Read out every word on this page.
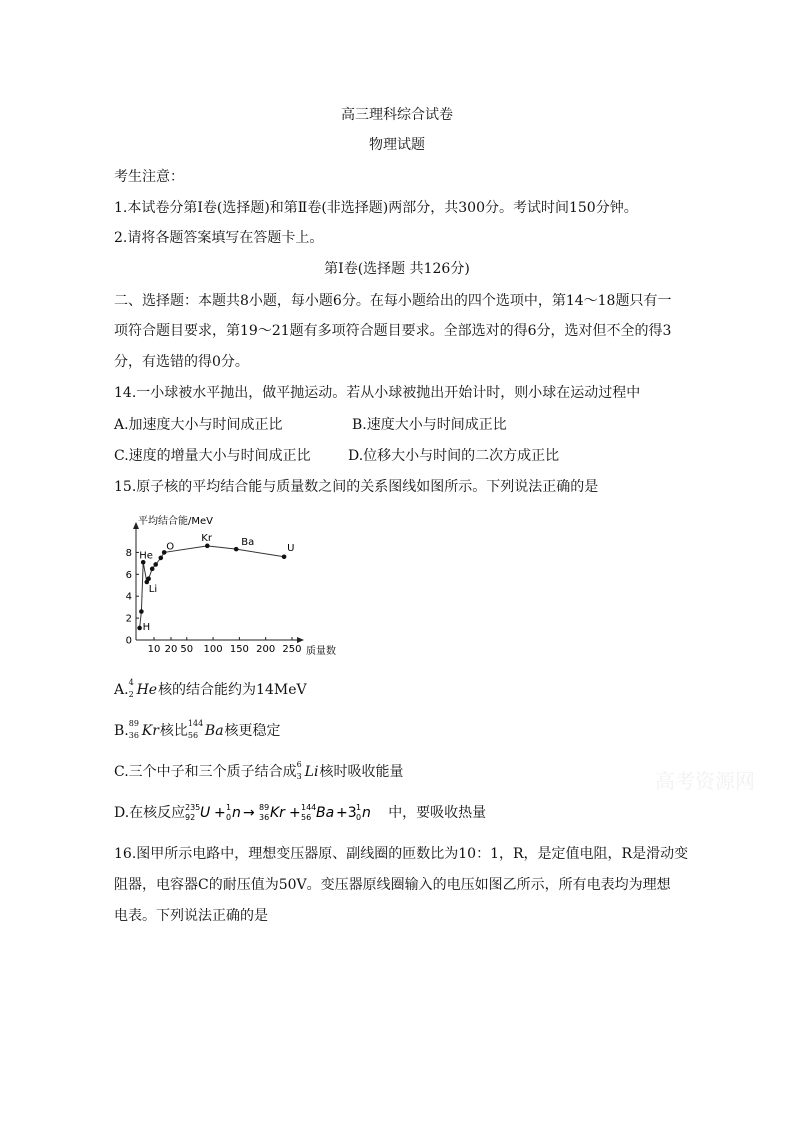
高三理科综合试卷
物理试题
考生注意：
1.本试卷分第Ⅰ卷(选择题)和第Ⅱ卷(非选择题)两部分，共300分。考试时间150分钟。
2.请将各题答案填写在答题卡上。
第Ⅰ卷(选择题 共126分)
二、选择题：本题共8小题，每小题6分。在每小题给出的四个选项中，第14～18题只有一
项符合题目要求，第19～21题有多项符合题目要求。全部选对的得6分，选对但不全的得3
分，有选错的得0分。
14.一小球被水平抛出，做平抛运动。若从小球被抛出开始计时，则小球在运动过程中
A.加速度大小与时间成正比	B.速度大小与时间成正比
C.速度的增量大小与时间成正比	D.位移大小与时间的二次方成正比
15.原子核的平均结合能与质量数之间的关系图线如图所示。下列说法正确的是
平均结合能/MeV
质量数
0
2
4
6
8
10 20 50 100 150 200 250
H
He
Li
O
Kr	Ba
U
A. 4
2 He核的结合能约为14MeV
B. 89
36 Kr核比 144
56 Ba核更稳定
C.三个中子和三个质子结合成 6
3 Li核时吸收能量
D.在核反应 235
92 U + 1
0 n → 89
36 Kr + 144
56 Ba +3 1
0 n 中，要吸收热量
16.图甲所示电路中，理想变压器原、副线圈的匝数比为10：1，R，是定值电阻，R是滑动变
阻器，电容器C的耐压值为50V。变压器原线圈输入的电压如图乙所示，所有电表均为理想
电表。下列说法正确的是
高考资源网
